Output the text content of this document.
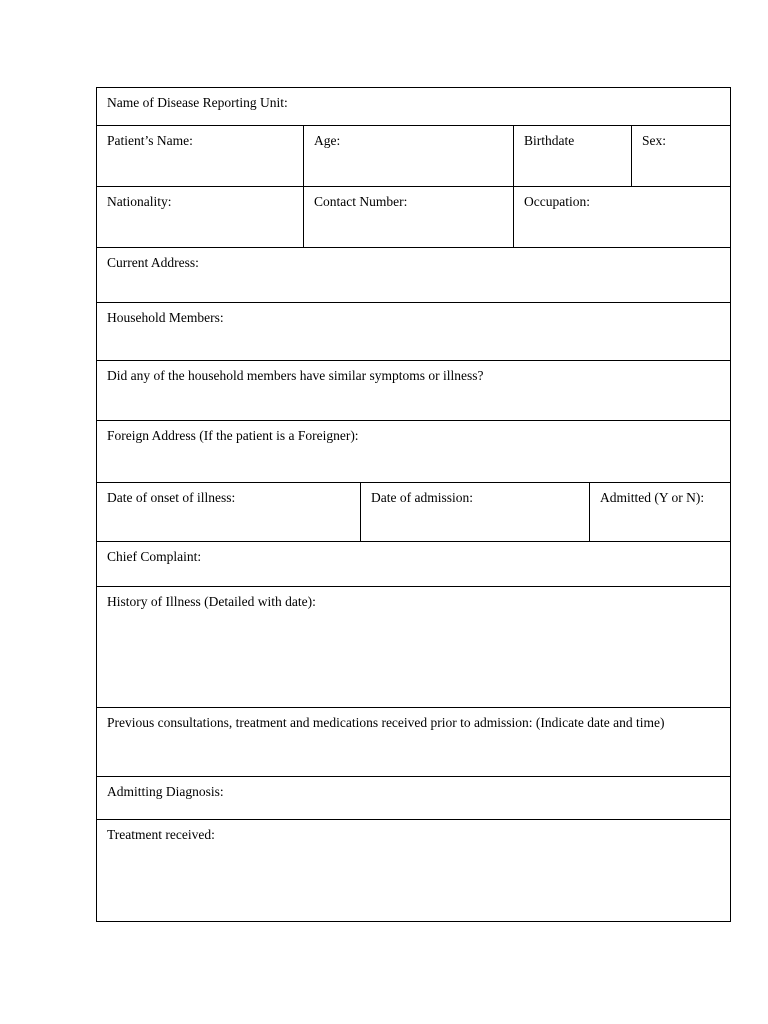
Name of Disease Reporting Unit:
Patient’s Name:	Age:	Birthdate	Sex:
Nationality:	Contact Number:	Occupation:
Current Address:
Household Members:
Did any of the household members have similar symptoms or illness?
Foreign Address (If the patient is a Foreigner):
Date of onset of illness:	Date of admission:	Admitted (Y or N):
Chief Complaint:
History of Illness (Detailed with date):
Previous consultations, treatment and medications received prior to admission: (Indicate date and time)
Admitting Diagnosis:
Treatment received:
